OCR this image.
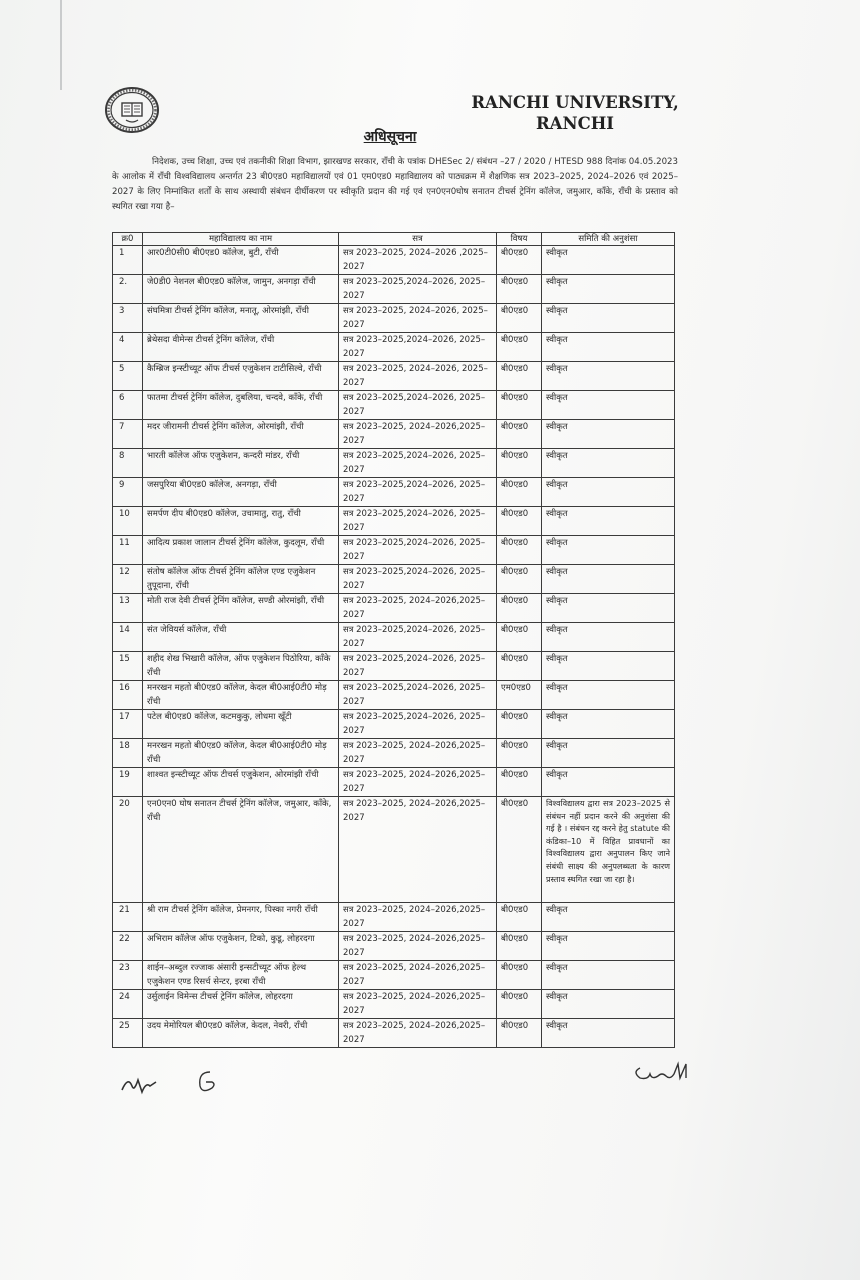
RANCHI UNIVERSITY,
RANCHI
अधिसूचना
निदेशक, उच्च शिक्षा, उच्च एवं तकनीकी शिक्षा विभाग, झारखण्ड सरकार, राँची के पत्रांक DHESec 2/ संबंधन –27 / 2020 / HTESD 988 दिनांक 04.05.2023 के आलोक में राँची विश्वविद्यालय अन्तर्गत 23 बी0एड0 महाविद्यालयों एवं 01 एम0एड0 महाविद्यालय को पाठ्यक्रम में शैक्षणिक सत्र 2023–2025, 2024–2026 एवं 2025–2027 के लिए निम्नांकित शर्तों के साथ अस्थायी संबंधन दीर्घीकरण पर स्वीकृति प्रदान की गई एवं एन0एन0घोष सनातन टीचर्स ट्रेनिंग कॉलेज, जमुआर, काँके, राँची के प्रस्ताव को स्थगित रखा गया है–
क्र0	महाविद्यालय का नाम	सत्र	विषय	समिति की अनुशंसा
1	आर0टी0सी0 बी0एड0 कॉलेज, बुटी, राँची	सत्र 2023–2025, 2024–2026 ,2025–2027	बी0एड0	स्वीकृत
2.	जे0डी0 नेशनल बी0एड0 कॉलेज, जामुन, अनगड़ा राँची	सत्र 2023–2025,2024–2026, 2025–2027	बी0एड0	स्वीकृत
3	संघमित्रा टीचर्स ट्रेनिंग कॉलेज, मनातू, ओरमांझी, राँची	सत्र 2023–2025, 2024–2026, 2025–2027	बी0एड0	स्वीकृत
4	ब्रेथेसदा वीमेन्स टीचर्स ट्रेनिंग कॉलेज, राँची	सत्र 2023–2025,2024–2026, 2025–2027	बी0एड0	स्वीकृत
5	कैम्ब्रिज इन्स्टीच्यूट ऑफ टीचर्स एजुकेशन टाटीसिल्वे, राँची	सत्र 2023–2025, 2024–2026, 2025–2027	बी0एड0	स्वीकृत
6	फातमा टीचर्स ट्रेनिंग कॉलेज, दुबलिया, चन्दवे, काँके, राँची	सत्र 2023–2025,2024–2026, 2025–2027	बी0एड0	स्वीकृत
7	मदर जीरामनी टीचर्स ट्रेनिंग कॉलेज, ओरमांझी, राँची	सत्र 2023–2025, 2024–2026,2025–2027	बी0एड0	स्वीकृत
8	भारती कॉलेज ऑफ एजुकेशन, कन्दरी मांडर, राँची	सत्र 2023–2025,2024–2026, 2025–2027	बी0एड0	स्वीकृत
9	जसपुरिया बी0एड0 कॉलेज, अनगड़ा, राँची	सत्र 2023–2025,2024–2026, 2025–2027	बी0एड0	स्वीकृत
10	समर्पण दीप बी0एड0 कॉलेज, उचामातु, रातु, राँची	सत्र 2023–2025,2024–2026, 2025–2027	बी0एड0	स्वीकृत
11	आदित्य प्रकाश जालान टीचर्स ट्रेनिंग कॉलेज, कुदलूम, राँची	सत्र 2023–2025,2024–2026, 2025–2027	बी0एड0	स्वीकृत
12	संतोष कॉलेज ऑफ टीचर्स ट्रेनिंग कॉलेज एण्ड एजुकेशन तुपूदाना, राँची	सत्र 2023–2025,2024–2026, 2025–2027	बी0एड0	स्वीकृत
13	मोती राज देवी टीचर्स ट्रेनिंग कॉलेज, सण्डी ओरमांझी, राँची	सत्र 2023–2025, 2024–2026,2025–2027	बी0एड0	स्वीकृत
14	संत जेवियर्स कॉलेज, राँची	सत्र 2023–2025,2024–2026, 2025–2027	बी0एड0	स्वीकृत
15	शहीद शेख भिखारी कॉलेज, ऑफ एजुकेशन पिठोरिया, काँके राँची	सत्र 2023–2025,2024–2026, 2025–2027	बी0एड0	स्वीकृत
16	मनरखन महतो बी0एड0 कॉलेज, केदल बी0आई0टी0 मोड़ राँची	सत्र 2023–2025,2024–2026, 2025–2027	एम0एड0	स्वीकृत
17	पटेल बी0एड0 कॉलेज, कटमकुकु, लोधमा खूँटी	सत्र 2023–2025,2024–2026, 2025–2027	बी0एड0	स्वीकृत
18	मनरखन महतो बी0एड0 कॉलेज, केदल बी0आई0टी0 मोड़ राँची	सत्र 2023–2025, 2024–2026,2025–2027	बी0एड0	स्वीकृत
19	शाश्वत इन्स्टीच्यूट ऑफ टीचर्स एजुकेशन, ओरमांझी राँची	सत्र 2023–2025, 2024–2026,2025–2027	बी0एड0	स्वीकृत
20	एन0एन0 घोष सनातन टीचर्स ट्रेनिंग कॉलेज, जमुआर, काँके, राँची	सत्र 2023–2025, 2024–2026,2025–2027	बी0एड0	विश्वविद्यालय द्वारा सत्र 2023–2025 से संबंधन नहीं प्रदान करने की अनुशंसा की गई है । संबंधन रद्द करने हेतु statute की कंडिका–10 में विहित प्रावधानों का विश्वविद्यालय द्वारा अनुपालन किए जाने संबंधी साक्ष्य की अनुपलब्धता के कारण प्रस्ताव स्थगित रखा जा रहा है।
21	श्री राम टीचर्स ट्रेनिंग कॉलेज, प्रेमनगर, पिस्का नगरी राँची	सत्र 2023–2025, 2024–2026,2025–2027	बी0एड0	स्वीकृत
22	अभिराम कॉलेज ऑफ एजुकेशन, टिको, कुडू, लोहरदगा	सत्र 2023–2025, 2024–2026,2025–2027	बी0एड0	स्वीकृत
23	शाईन–अब्दुल रज्जाक अंसारी इन्सटीच्यूट ऑफ हेल्थ एजुकेशन एण्ड रिसर्च सेन्टर, इरबा राँची	सत्र 2023–2025, 2024–2026,2025–2027	बी0एड0	स्वीकृत
24	उर्सुलाईन विमेन्स टीचर्स ट्रेनिंग कॉलेज, लोहरदगा	सत्र 2023–2025, 2024–2026,2025–2027	बी0एड0	स्वीकृत
25	उदय मेमोरियल बी0एड0 कॉलेज, केदल, नेवरी, राँची	सत्र 2023–2025, 2024–2026,2025–2027	बी0एड0	स्वीकृत
